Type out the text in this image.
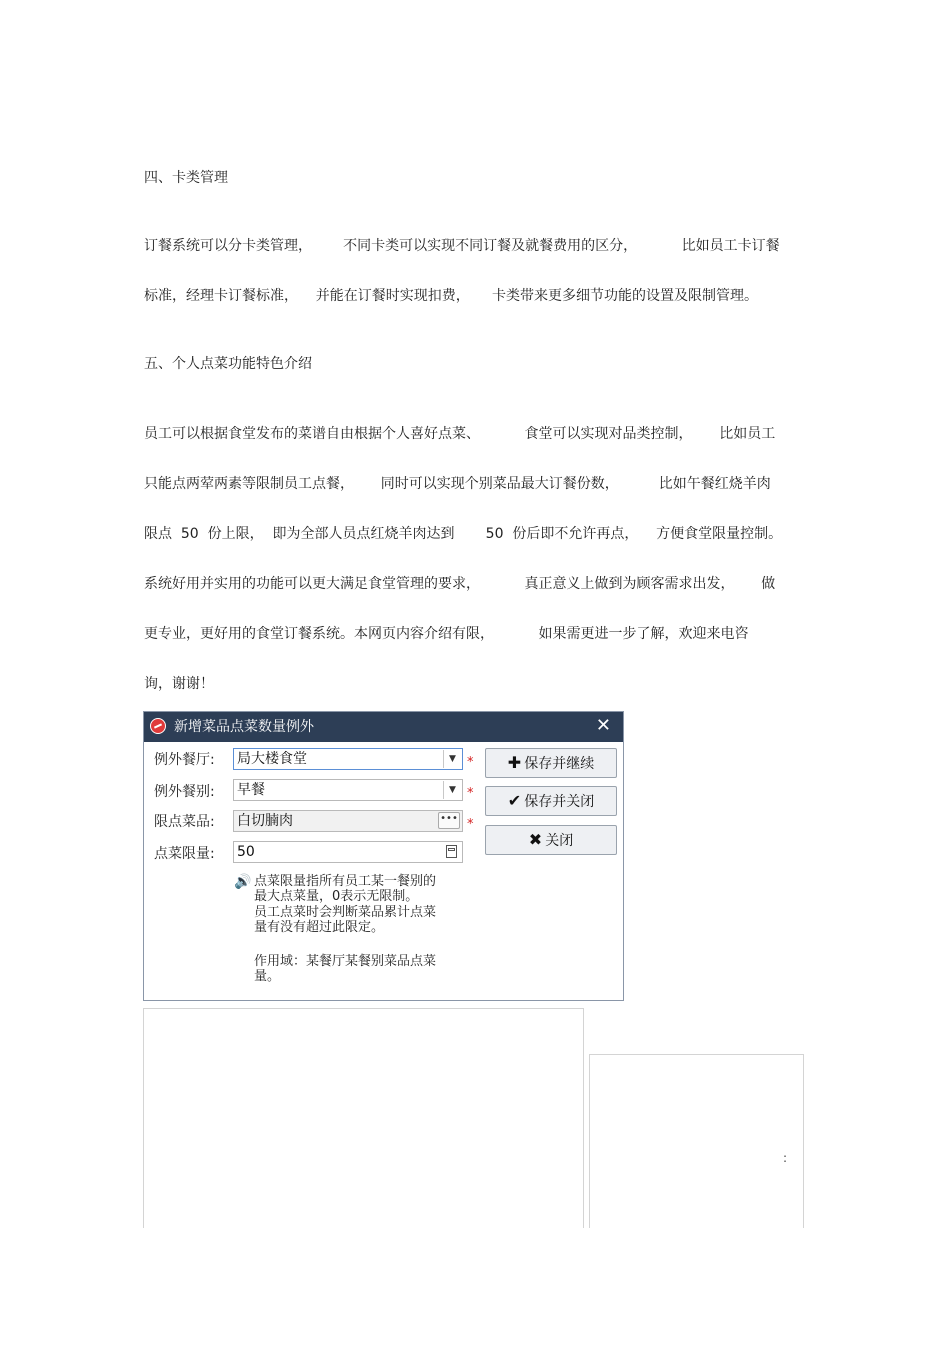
四、卡类管理
订餐系统可以分卡类管理，       不同卡类可以实现不同订餐及就餐费用的区分，          比如员工卡订餐
标准，经理卡订餐标准，    并能在订餐时实现扣费，     卡类带来更多细节功能的设置及限制管理。
五、个人点菜功能特色介绍
员工可以根据食堂发布的菜谱自由根据个人喜好点菜、          食堂可以实现对品类控制，      比如员工
只能点两荤两素等限制员工点餐，      同时可以实现个别菜品最大订餐份数，         比如午餐红烧羊肉
限点  50  份上限，  即为全部人员点红烧羊肉达到       50  份后即不允许再点，    方便食堂限量控制。
系统好用并实用的功能可以更大满足食堂管理的要求，          真正意义上做到为顾客需求出发，      做
更专业，更好用的食堂订餐系统。本网页内容介绍有限，          如果需更进一步了解，欢迎来电咨
询，谢谢！
新增菜品点菜数量例外	✕
例外餐厅: 局大楼食堂	▼ *
例外餐别: 早餐	▼ *
限点菜品: 白切腩肉	••• *
点菜限量: 50
✚ 保存并继续
✔ 保存并关闭
✖ 关闭
🔊 点菜限量指所有员工某一餐别的
最大点菜量，0表示无限制。
员工点菜时会判断菜品累计点菜
量有没有超过此限定。
作用域：某餐厅某餐别菜品点菜
量。
:
